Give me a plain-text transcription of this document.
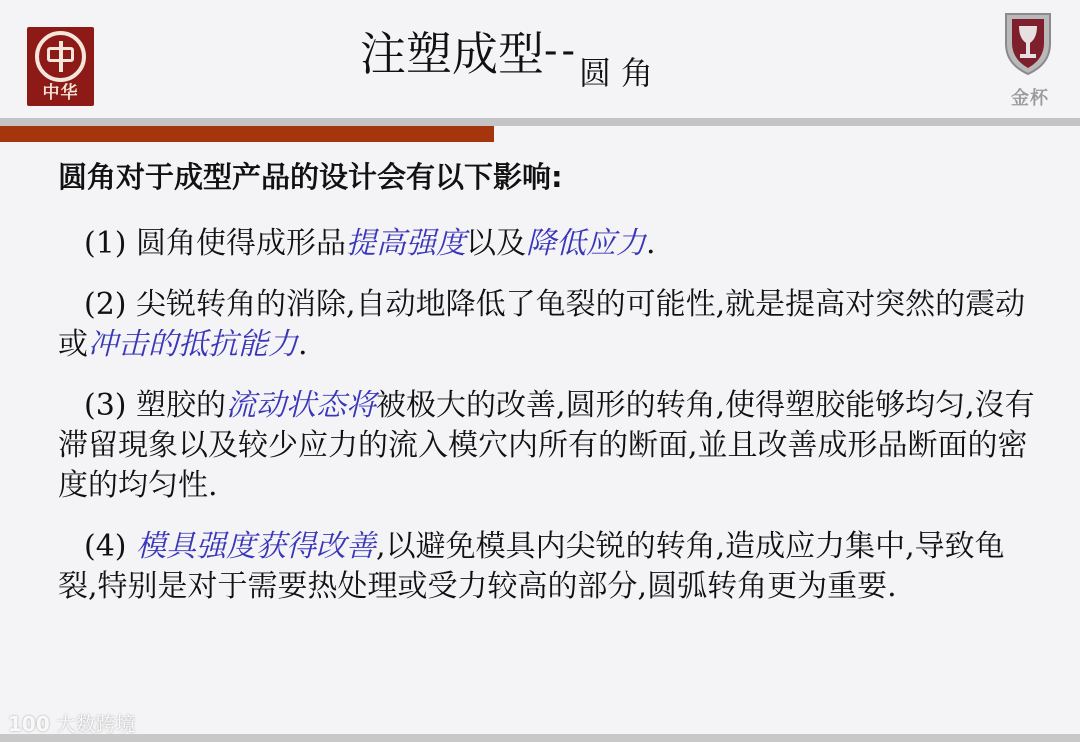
中华
注塑成型$--_{圆角}$
金杯
圆角对于成型产品的设计会有以下影响:
(1) 圆角使得成形品提高强度以及降低应力.
(2) 尖锐转角的消除,自动地降低了龟裂的可能性,就是提高对突然的震动或冲击的抵抗能力.
(3) 塑胶的流动状态将被极大的改善,圆形的转角,使得塑胶能够均匀,沒有滞留現象以及较少应力的流入模穴内所有的断面,並且改善成形品断面的密度的均匀性.
(4) 模具强度获得改善,以避免模具内尖锐的转角,造成应力集中,导致龟裂,特别是对于需要热处理或受力较高的部分,圆弧转角更为重要.
100 大数跨境
